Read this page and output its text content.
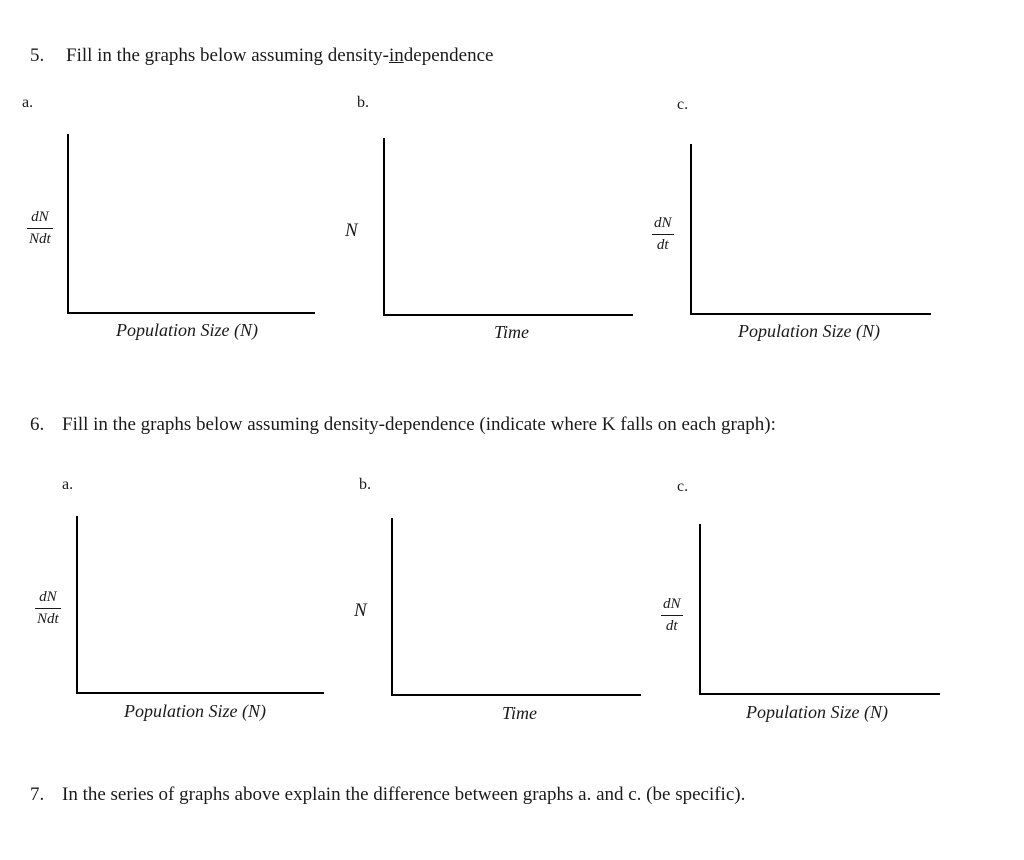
5. Fill in the graphs below assuming density-independence
a.	b.	c.
dN
Ndt
Population Size (N)
N
Time
dN
dt
Population Size (N)
6. Fill in the graphs below assuming density-dependence (indicate where K falls on each graph):
a.	b.	c.
dN
Ndt
Population Size (N)
N
Time
dN
dt
Population Size (N)
7. In the series of graphs above explain the difference between graphs a. and c. (be specific).
